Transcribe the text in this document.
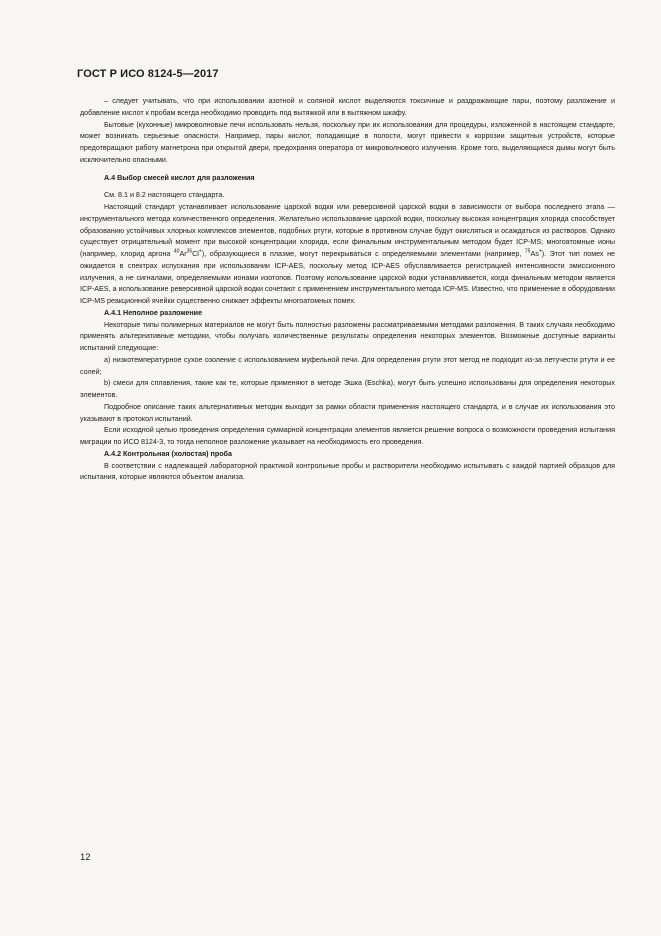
ГОСТ Р ИСО 8124-5—2017

– следует учитывать, что при использовании азотной и соляной кислот выделяются токсичные и раздражающие пары, поэтому разложение и добавление кислот к пробам всегда необходимо проводить под вытяжкой или в вытяжном шкафу.

Бытовые (кухонные) микроволновые печи использовать нельзя, поскольку при их использовании для процедуры, изложенной в настоящем стандарте, может возникать серьезные опасности. Например, пары кислот, попадающие в полости, могут привести к коррозии защитных устройств, которые предотвращают работу магнетрона при открытой двери, предохраняя оператора от микроволнового излучения. Кроме того, выделяющиеся дымы могут быть исключительно опасными.

А.4 Выбор смесей кислот для разложения

См. 8.1 и 8.2 настоящего стандарта.

Настоящий стандарт устанавливает использование царской водки или реверсивной царской водки в зависимости от выбора последнего этапа — инструментального метода количественного определения. Желательно использование царской водки, поскольку высокая концентрация хлорида способствует образованию устойчивых хлорных комплексов элементов, подобных ртути, которые в противном случае будут окисляться и осаждаться из растворов. Однако существует отрицательный момент при высокой концентрации хлорида, если финальным инструментальным методом будет ICP-MS; многоатомные ионы (например, хлорид аргона $^{40}$Ar$^{35}$Cl+), образующиеся в плазме, могут перекрываться с определяемыми элементами (например, $^{75}$As+). Этот тип помех не ожидается в спектрах испускания при использовании ICP-AES, поскольку метод ICP-AES обуславливается регистрацией интенсивности эмиссионного излучения, а не сигналами, определяемыми ионами изотопов. Поэтому использование царской водки устанавливается, когда финальным методом является ICP-AES, а использование реверсивной царской водки сочетают с применением инструментального метода ICP-MS. Известно, что применение в оборудовании ICP-MS реакционной ячейки существенно снижает эффекты многоатомных помех.

А.4.1 Неполное разложение

Некоторые типы полимерных материалов не могут быть полностью разложены рассматриваемыми методами разложения. В таких случаях необходимо применять альтернативные методики, чтобы получать количественные результаты определения некоторых элементов. Возможные доступные варианты испытаний следующие:

а) низкотемпературное сухое озоление с использованием муфельной печи. Для определения ртути этот метод не подходит из-за летучести ртути и ее солей;

b) смеси для сплавления, такие как те, которые применяют в методе Эшка (Eschka), могут быть успешно использованы для определения некоторых элементов.

Подробное описание таких альтернативных методик выходит за рамки области применения настоящего стандарта, и в случае их использования это указывают в протокол испытаний.

Если исходной целью проведения определения суммарной концентрации элементов является решение вопроса о возможности проведения испытания миграции по ИСО 8124-3, то тогда неполное разложение указывает на необходимость его проведения.

А.4.2 Контрольная (холостая) проба

В соответствии с надлежащей лабораторной практикой контрольные пробы и растворители необходимо испытывать с каждой партией образцов для испытания, которые являются объектом анализа.

12
